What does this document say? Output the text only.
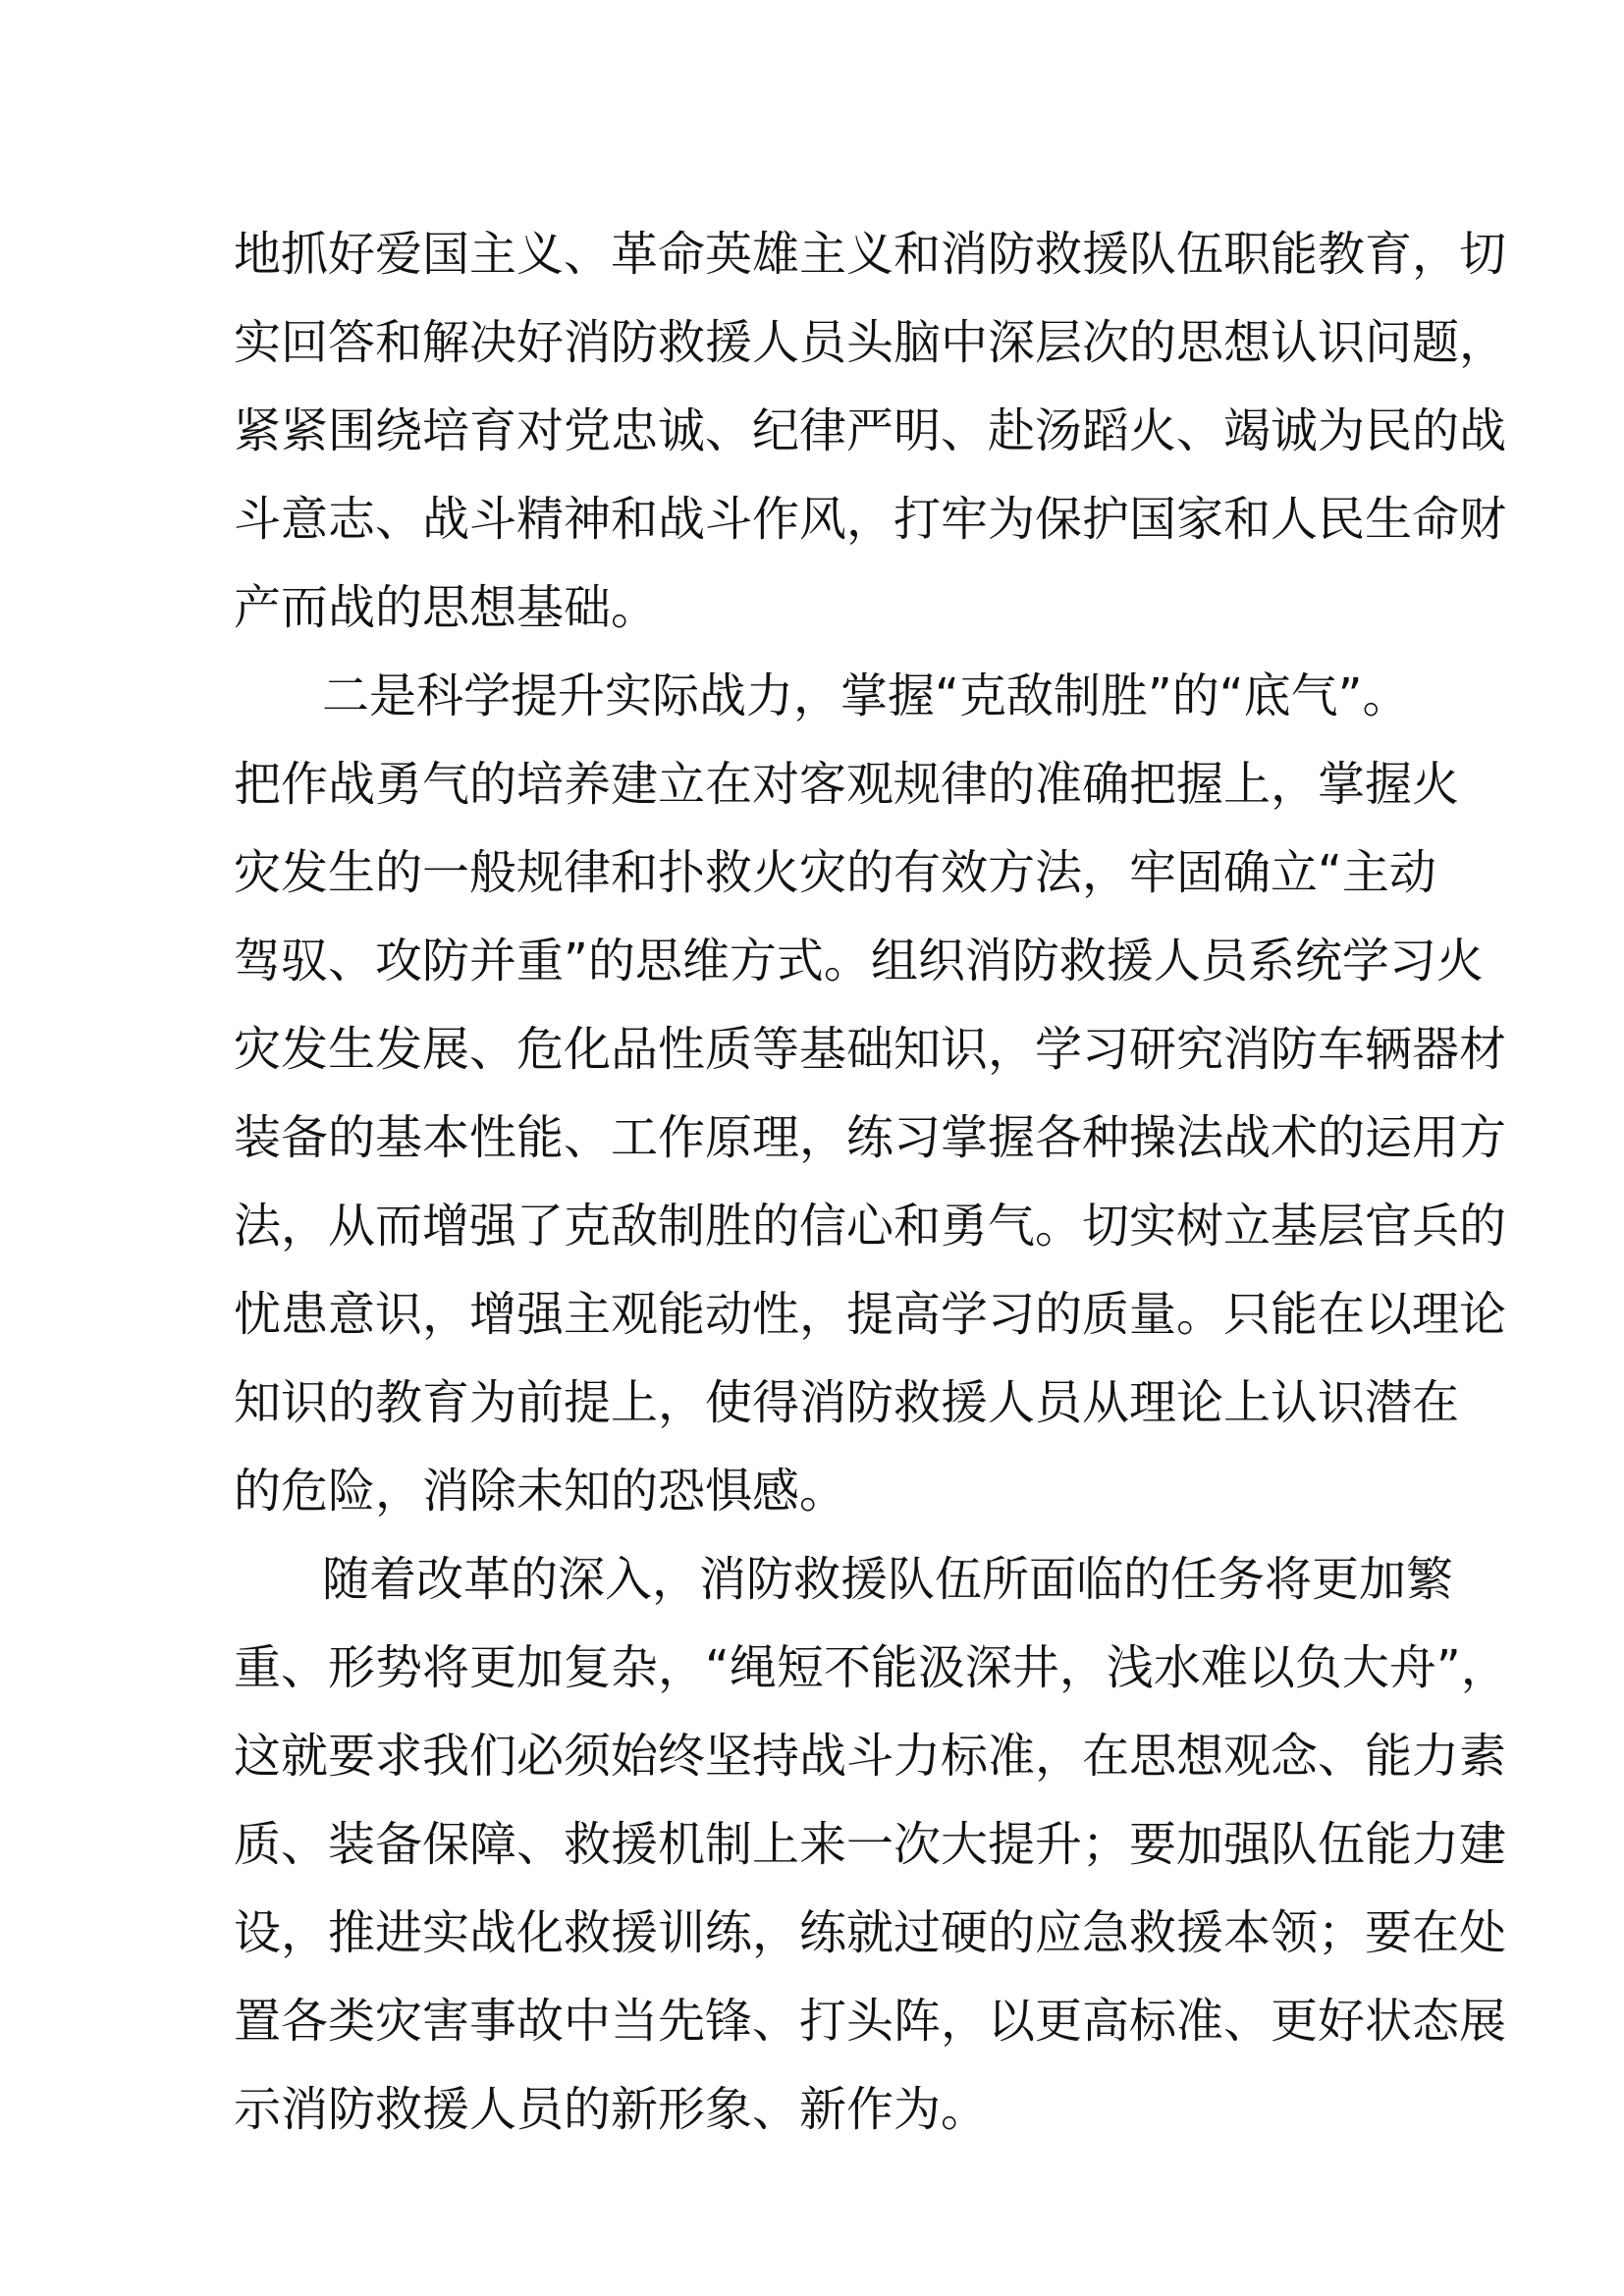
地抓好爱国主义、革命英雄主义和消防救援队伍职能教育，切
实回答和解决好消防救援人员头脑中深层次的思想认识问题，
紧紧围绕培育对党忠诚、纪律严明、赴汤蹈火、竭诚为民的战
斗意志、战斗精神和战斗作风，打牢为保护国家和人民生命财
产而战的思想基础。
二是科学提升实际战力，掌握“克敌制胜”的“底气”。
把作战勇气的培养建立在对客观规律的准确把握上，掌握火
灾发生的一般规律和扑救火灾的有效方法，牢固确立“主动
驾驭、攻防并重”的思维方式。组织消防救援人员系统学习火
灾发生发展、危化品性质等基础知识，学习研究消防车辆器材
装备的基本性能、工作原理，练习掌握各种操法战术的运用方
法，从而增强了克敌制胜的信心和勇气。切实树立基层官兵的
忧患意识，增强主观能动性，提高学习的质量。只能在以理论
知识的教育为前提上，使得消防救援人员从理论上认识潜在
的危险，消除未知的恐惧感。
随着改革的深入，消防救援队伍所面临的任务将更加繁
重、形势将更加复杂，“绳短不能汲深井，浅水难以负大舟”，
这就要求我们必须始终坚持战斗力标准，在思想观念、能力素
质、装备保障、救援机制上来一次大提升；要加强队伍能力建
设，推进实战化救援训练，练就过硬的应急救援本领；要在处
置各类灾害事故中当先锋、打头阵，以更高标准、更好状态展
示消防救援人员的新形象、新作为。
